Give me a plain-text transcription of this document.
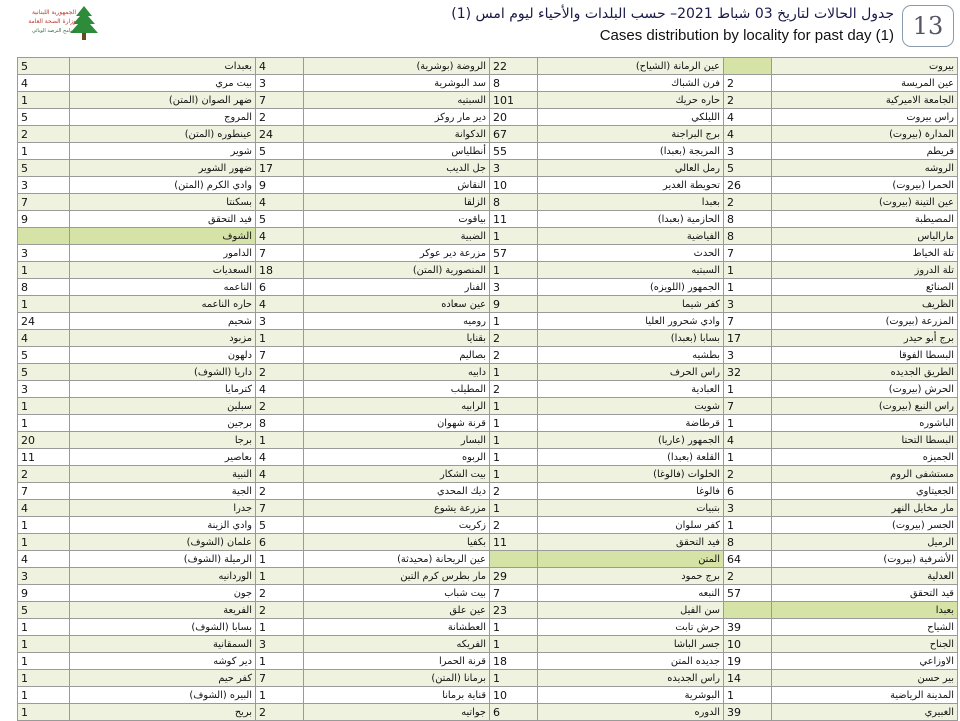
الجمهورية اللبنانية
وزارة الصحة العامة
برنامج الترصد الوبائي
جدول الحالات لتاريخ 03 شباط 2021– حسب البلدات والأحياء ليوم امس (1)
Cases distribution by locality for past day (1) 13
بيروت		عين الرمانة (الشياح)	22	الروضة (بوشرية)	4	بعبدات	5
عين المريسة	2	فرن الشباك	8	سد البوشرية	3	بيت مري	4
الجامعة الاميركية	2	حاره حريك	101	السبتيه	7	ضهر الصوان (المتن)	1
راس بيروت	4	الليلكي	20	دير مار روكز	2	المروج	5
المدارة (بيروت)	4	برج البراجنة	67	الدكوانة	24	عينطوره (المتن)	2
قريطم	3	المريجة (بعبدا)	55	أنطلياس	5	شوير	1
الروشه	5	رمل العالي	3	جل الديب	17	ضهور الشوير	5
الحمرا (بيروت)	26	تحويطة الغدير	10	النقاش	9	وادي الكرم (المتن)	3
عين التينة (بيروت)	2	بعبدا	8	الزلقا	4	بسكنتا	7
المصيطبة	8	الحازمية (بعبدا)	11	بياقوت	5	فيد التحقق	9
مارالياس	8	الفياضية	1	الضبية	4	الشوف	
تلة الخياط	7	الحدث	57	مزرعة دير عوكر	7	الدامور	3
تلة الدروز	1	السبتيه	1	المنصورية (المتن)	18	السعديات	1
الصنائع	1	الجمهور (اللويزه)	3	الفنار	6	الناعمه	8
الظريف	3	كفر شيما	9	عين سعاده	4	حاره الناعمه	1
المزرعة (بيروت)	7	وادي شحرور العليا	1	روميه	3	شحيم	24
برج أبو حيدر	17	بسابا (بعبدا)	2	بقنايا	1	مزبود	4
البسطا الفوقا	3	بطشيه	2	بصاليم	7	دلهون	5
الطريق الجديده	32	راس الحرف	1	دابيه	2	داريا (الشوف)	5
الحرش (بيروت)	1	العبادية	2	المطيلب	4	كترمايا	3
راس النبع (بيروت)	7	شويت	1	الرابيه	2	سبلين	1
الباشوره	1	قرطاضة	1	قرنة شهوان	8	برجين	1
البسطا التحتا	4	الجمهور (عاريا)	1	البسار	1	برجا	20
الجميزه	1	القلعة (بعبدا)	1	الربوه	4	بعاصير	11
مستشفى الروم	2	الخلوات (فالوغا)	1	بيت الشكار	4	النبية	2
الجعيتاوي	6	فالوغا	2	ديك المحدي	2	الجية	7
مار مخايل النهر	3	بتبيات	1	مزرعة يشوع	7	جدرا	4
الجسر (بيروت)	1	كفر سلوان	2	زكريت	5	وادي الزينة	1
الرميل	8	فيد التحقق	11	بكفيا	6	علمان (الشوف)	1
الأشرفية (بيروت)	64	المتن		عين الريحانة (محيدثة)	1	الرميلة (الشوف)	4
العدلية	2	برج حمود	29	مار بطرس كرم التين	1	الوردانيه	3
قيد التحقق	57	النبعه	7	بيت شباب	2	جون	9
بعبدا		سن الفيل	23	عين علق	2	الفريعة	5
الشياح	39	حرش تابت	1	العطشانة	1	بسابا (الشوف)	1
الجناح	10	جسر الباشا	1	الفريكه	3	السمقانية	1
الاوزاعي	19	جديده المتن	18	قرنة الحمرا	1	دير كوشه	1
بير حسن	14	راس الجديده	1	برمانا (المتن)	7	كفر حيم	1
المدينة الرياضية	1	البوشرية	10	قناية برمانا	1	البيره (الشوف)	1
الغبيري	39	الدوره	6	جواتيه	2	بريح	1
